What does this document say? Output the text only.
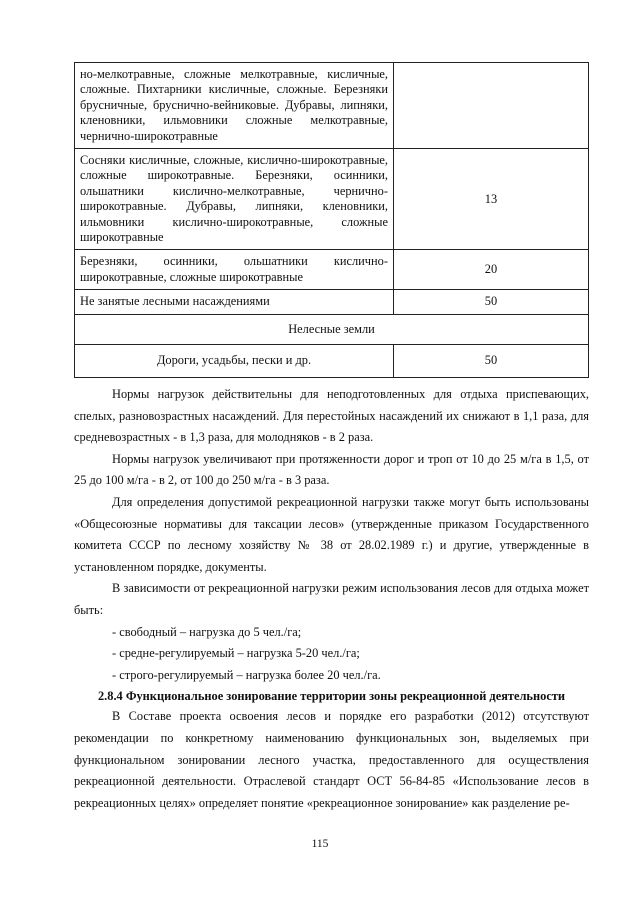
но-мелкотравные, сложные мелкотравные, кисличные, сложные. Пихтарники кисличные, сложные. Березняки брусничные, бруснично-вейниковые. Дубравы, липняки, кленовники, ильмовники сложные мелкотравные, чернично-широкотравные	
Сосняки кисличные, сложные, кислично-широкотравные, сложные широкотравные. Березняки, осинники, ольшатники кислично-мелкотравные, чернично-широкотравные. Дубравы, липняки, кленовники, ильмовники кислично-широкотравные, сложные широкотравные	13
Березняки, осинники, ольшатники кислично-широкотравные, сложные широкотравные	20
Не занятые лесными насаждениями	50
Нелесные земли	
Дороги, усадьбы, пески и др.	50

Нормы нагрузок действительны для неподготовленных для отдыха приспевающих, спелых, разновозрастных насаждений. Для перестойных насаждений их снижают в 1,1 раза, для средневозрастных - в 1,3 раза, для молодняков - в 2 раза.

Нормы нагрузок увеличивают при протяженности дорог и троп от 10 до 25 м/га в 1,5, от 25 до 100 м/га - в 2, от 100 до 250 м/га - в 3 раза.

Для определения допустимой рекреационной нагрузки также могут быть использованы «Общесоюзные нормативы для таксации лесов» (утвержденные приказом Государственного комитета СССР по лесному хозяйству № 38 от 28.02.1989 г.) и другие, утвержденные в установленном порядке, документы.

В зависимости от рекреационной нагрузки режим использования лесов для отдыха может быть:

- свободный – нагрузка до 5 чел./га;

- средне-регулируемый – нагрузка 5-20 чел./га;

- строго-регулируемый – нагрузка более 20 чел./га.

2.8.4 Функциональное зонирование территории зоны рекреационной деятельности

В Составе проекта освоения лесов и порядке его разработки (2012) отсутствуют рекомендации по конкретному наименованию функциональных зон, выделяемых при функциональном зонировании лесного участка, предоставленного для осуществления рекреационной деятельности. Отраслевой стандарт ОСТ 56-84-85 «Использование лесов в рекреационных целях» определяет понятие «рекреационное зонирование» как разделение ре-

115
